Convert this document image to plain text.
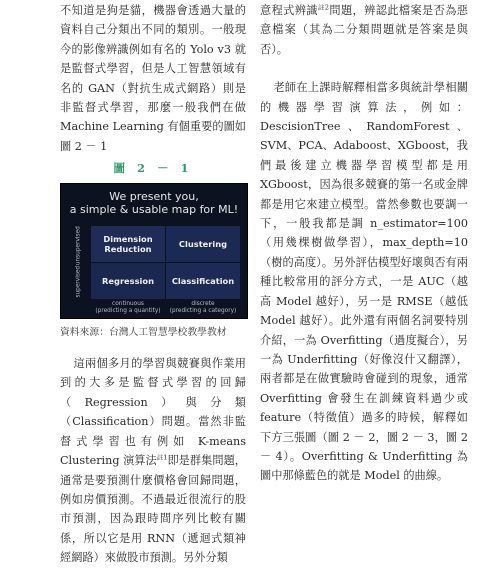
不知道是狗是貓，機器會透過大量的資料自己分類出不同的類別。一般現今的影像辨識例如有名的 Yolo v3 就是監督式學習，但是人工智慧領域有名的 GAN（對抗生成式網路）則是非監督式學習，那麼一般我們在做 Machine Learning 有個重要的圖如圖 2 － 1

圖 2 － 1
We present you,
a simple & usable map for ML!
unsupervised
supervised
Dimension Reduction	Clustering
Regression	Classification
continuous
(predicting a quantity)
discrete
(predicting a category)
資料來源：台灣人工智慧學校教學教材

這兩個多月的學習與競賽與作業用到的大多是監督式學習的回歸（Regression）與分類（Classification）問題。當然非監督式學習也有例如 K-means Clustering 演算法$^{註1}$即是群集問題，通常是要預測什麼價格會回歸問題，例如房價預測。不過最近很流行的股市預測，因為跟時間序列比較有關係，所以它是用 RNN（遞迴式類神經網路）來做股市預測。另外分類

意程式辨識$^{註2}$問題，辨認此檔案是否為惡意檔案（其為二分類問題就是答案是與否）。

老師在上課時解釋相當多與統計學相關的機器學習演算法，例如：DescisionTree、RandomForest、SVM、PCA、Adaboost、XGboost，我們最後建立機器學習模型都是用 XGboost，因為很多競賽的第一名或金牌都是用它來建立模型。當然參數也要調一下，一般我都是調 n_estimator=100（用幾棵樹做學習），max_depth=10（樹的高度）。另外評估模型好壞與否有兩種比較常用的評分方式，一是 AUC（越高 Model 越好），另一是 RMSE（越低 Model 越好）。此外還有兩個名詞要特別介紹，一為 Overfitting（過度擬合），另一為 Underfitting（好像沒什又翻譯），兩者都是在做實驗時會碰到的現象，通常 Overfitting 會發生在訓練資料過少或 feature（特徵值）過多的時候，解釋如下方三張圖（圖 2 － 2，圖 2 － 3，圖 2 － 4）。Overfitting & Underfitting 為圖中那條藍色的就是 Model 的曲線。
